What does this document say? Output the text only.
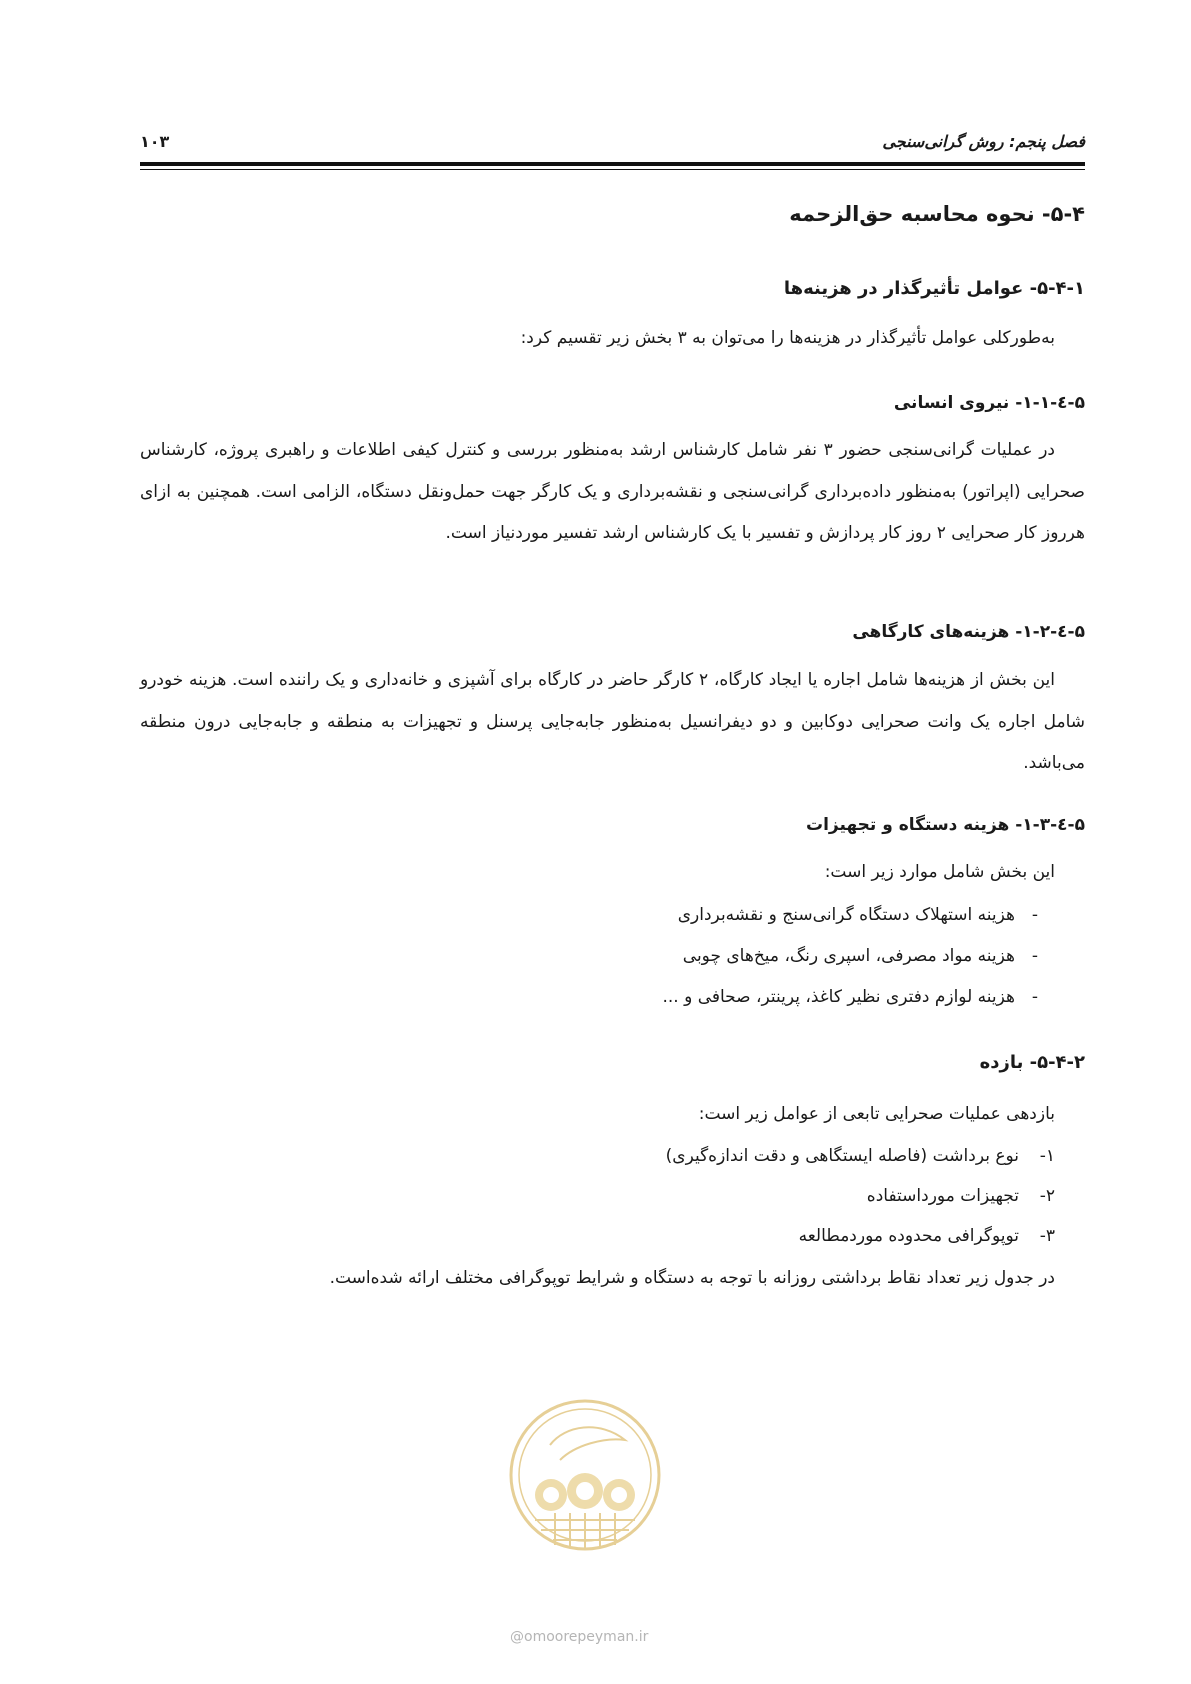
فصل پنجم: روش گرانی‌سنجی
۱۰۳
۵-۴- نحوه محاسبه حق‌الزحمه
۵-۴-۱- عوامل تأثیرگذار در هزینه‌ها
به‌طورکلی عوامل تأثیرگذار در هزینه‌ها را می‌توان به ۳ بخش زیر تقسیم کرد:
۵-٤-۱-۱- نیروی انسانی
در عملیات گرانی‌سنجی حضور ۳ نفر شامل کارشناس ارشد به‌منظور بررسی و کنترل کیفی اطلاعات و راهبری پروژه، کارشناس صحرایی (اپراتور) به‌منظور داده‌برداری گرانی‌سنجی و نقشه‌برداری و یک کارگر جهت حمل‌ونقل دستگاه، الزامی است. همچنین به ازای هرروز کار صحرایی ۲ روز کار پردازش و تفسیر با یک کارشناس ارشد تفسیر موردنیاز است.
۵-٤-۱-۲- هزینه‌های کارگاهی
این بخش از هزینه‌ها شامل اجاره یا ایجاد کارگاه، ۲ کارگر حاضر در کارگاه برای آشپزی و خانه‌داری و یک راننده است. هزینه خودرو شامل اجاره یک وانت صحرایی دوکابین و دو دیفرانسیل به‌منظور جابه‌جایی پرسنل و تجهیزات به منطقه و جابه‌جایی درون منطقه می‌باشد.
۵-٤-۱-۳- هزینه دستگاه و تجهیزات
این بخش شامل موارد زیر است:
-هزینه استهلاک دستگاه گرانی‌سنج و نقشه‌برداری
-هزینه مواد مصرفی، اسپری رنگ، میخ‌های چوبی
-هزینه لوازم دفتری نظیر کاغذ، پرینتر، صحافی و ...
۵-۴-۲- بازده
بازدهی عملیات صحرایی تابعی از عوامل زیر است:
۱-نوع برداشت (فاصله ایستگاهی و دقت اندازه‌گیری)
۲-تجهیزات مورداستفاده
۳-توپوگرافی محدوده موردمطالعه
در جدول زیر تعداد نقاط برداشتی روزانه با توجه به دستگاه و شرایط توپوگرافی مختلف ارائه شده‌است.
@omoorepeyman.ir
